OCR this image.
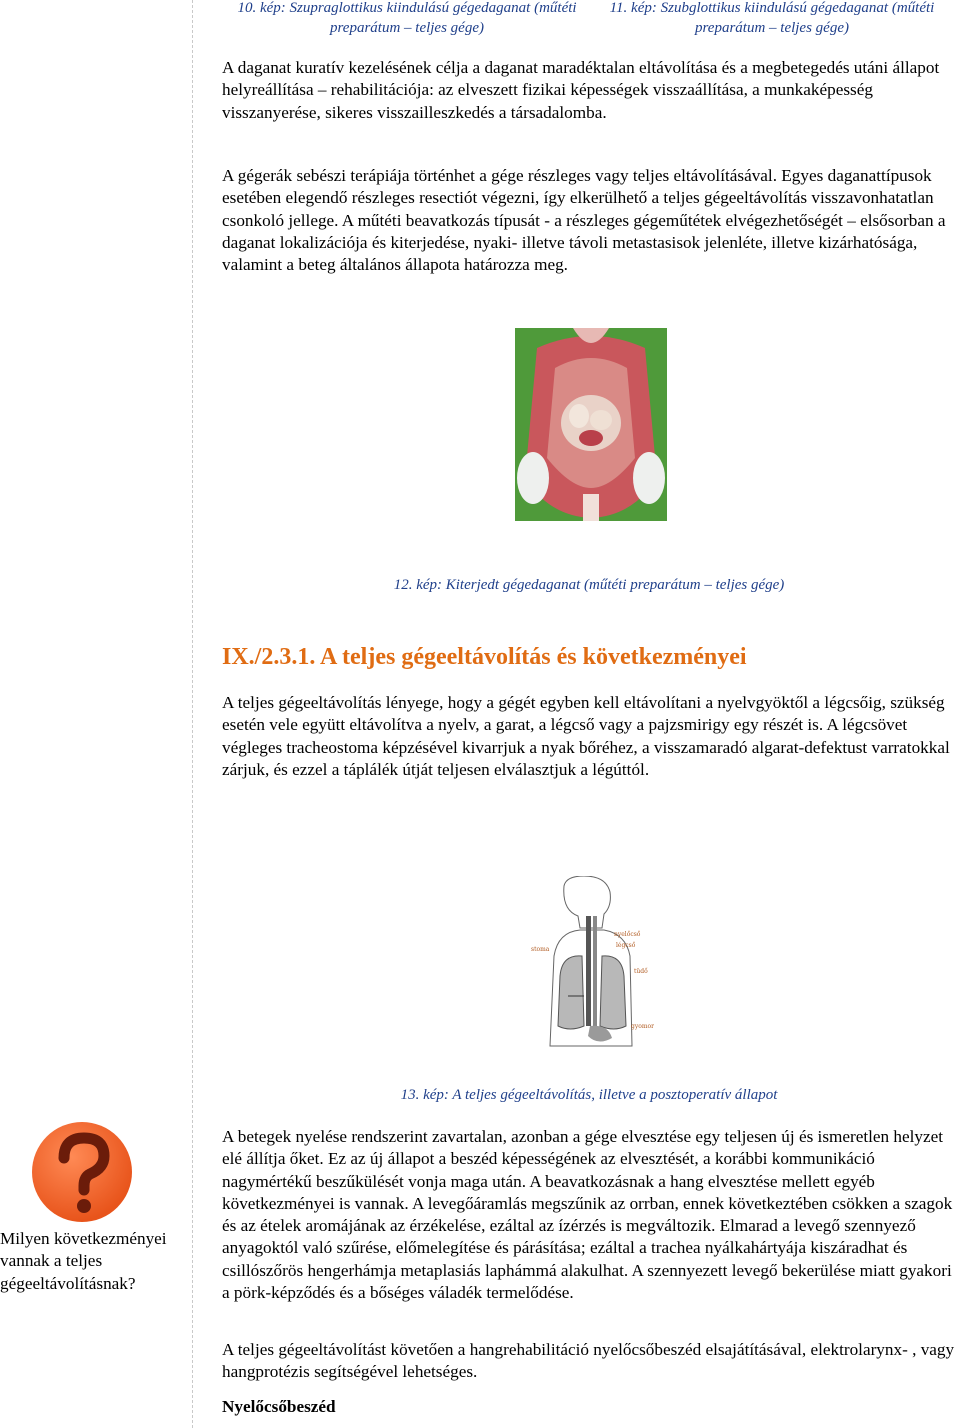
10. kép: Szupraglottikus kiindulású gégedaganat (műtéti preparátum – teljes gége)
11. kép: Szubglottikus kiindulású gégedaganat (műtéti preparátum – teljes gége)

A daganat kuratív kezelésének célja a daganat maradéktalan eltávolítása és a megbetegedés utáni állapot helyreállítása – rehabilitációja: az elveszett fizikai képességek visszaállítása, a munkaképesség visszanyerése, sikeres visszailleszkedés a társadalomba.

A gégerák sebészi terápiája történhet a gége részleges vagy teljes eltávolításával. Egyes daganattípusok esetében elegendő részleges resectiót végezni, így elkerülhető a teljes gégeeltávolítás visszavonhatatlan csonkoló jellege. A műtéti beavatkozás típusát - a részleges gégeműtétek elvégezhetőségét – elsősorban a daganat lokalizációja és kiterjedése, nyaki- illetve távoli metastasisok jelenléte, illetve kizárhatósága, valamint a beteg általános állapota határozza meg.

12. kép: Kiterjedt gégedaganat (műtéti preparátum – teljes gége)
IX./2.3.1. A teljes gégeeltávolítás és következményei

A teljes gégeeltávolítás lényege, hogy a gégét egyben kell eltávolítani a nyelvgyöktől a légcsőig, szükség esetén vele együtt eltávolítva a nyelv, a garat, a légcső vagy a pajzsmirigy egy részét is. A légcsövet végleges tracheostoma képzésével kivarrjuk a nyak bőréhez, a visszamaradó algarat-defektust varratokkal zárjuk, és ezzel a táplálék útját teljesen elválasztjuk a légúttól.

stoma
nyelőcső
légcső
tüdő
gyomor
13. kép: A teljes gégeeltávolítás, illetve a posztoperatív állapot

Milyen következményei vannak a teljes gégeeltávolításnak?

A betegek nyelése rendszerint zavartalan, azonban a gége elvesztése egy teljesen új és ismeretlen helyzet elé állítja őket. Ez az új állapot a beszéd képességének az elvesztését, a korábbi kommunikáció nagymértékű beszűkülését vonja maga után. A beavatkozásnak a hang elvesztése mellett egyéb következményei is vannak. A levegőáramlás megszűnik az orrban, ennek következtében csökken a szagok és az ételek aromájának az érzékelése, ezáltal az ízérzés is megváltozik. Elmarad a levegő szennyező anyagoktól való szűrése, előmelegítése és párásítása; ezáltal a trachea nyálkahártyája kiszáradhat és csillószőrös hengerhámja metaplasiás laphámmá alakulhat. A szennyezett levegő bekerülése miatt gyakori a pörk-képződés és a bőséges váladék termelődése.

A teljes gégeeltávolítást követően a hangrehabilitáció nyelőcsőbeszéd elsajátításával, elektrolarynx- , vagy hangprotézis segítségével lehetséges.

Nyelőcsőbeszéd
